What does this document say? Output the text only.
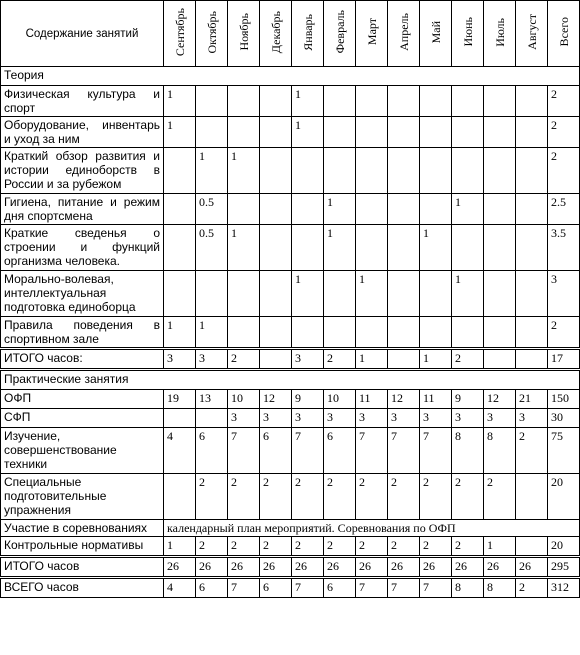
Содержание занятий	Сентябрь	Октябрь	Ноябрь	Декабрь	Январь	Февраль	Март	Апрель	Май	Июнь	Июль	Август	Всего
Теория													
Физическая культура и спорт	1				1								2
Оборудование, инвентарь и уход за ним	1				1								2
Краткий обзор развития и истории единоборств в России и за рубежом		1	1										2
Гигиена, питание и режим дня спортсмена		0.5				1				1			2.5
Краткие сведенья о строении и функций организма человека.		0.5	1			1			1				3.5
Морально-волевая, интеллектуальная подготовка единоборца					1		1			1			3
Правила поведения в спортивном зале	1	1											2
ИТОГО часов:	3	3	2		3	2	1		1	2			17
Практические занятия													
ОФП	19	13	10	12	9	10	11	12	11	9	12	21	150
СФП			3	3	3	3	3	3	3	3	3	3	30
Изучение, совершенствование техники	4	6	7	6	7	6	7	7	7	8	8	2	75
Специальные подготовительные упражнения		2	2	2	2	2	2	2	2	2	2		20
Участие в соревнованиях	календарный план мероприятий. Соревнования по ОФП												
Контрольные нормативы	1	2	2	2	2	2	2	2	2	2	1		20
ИТОГО часов	26	26	26	26	26	26	26	26	26	26	26	26	295
ВСЕГО часов	4	6	7	6	7	6	7	7	7	8	8	2	312
